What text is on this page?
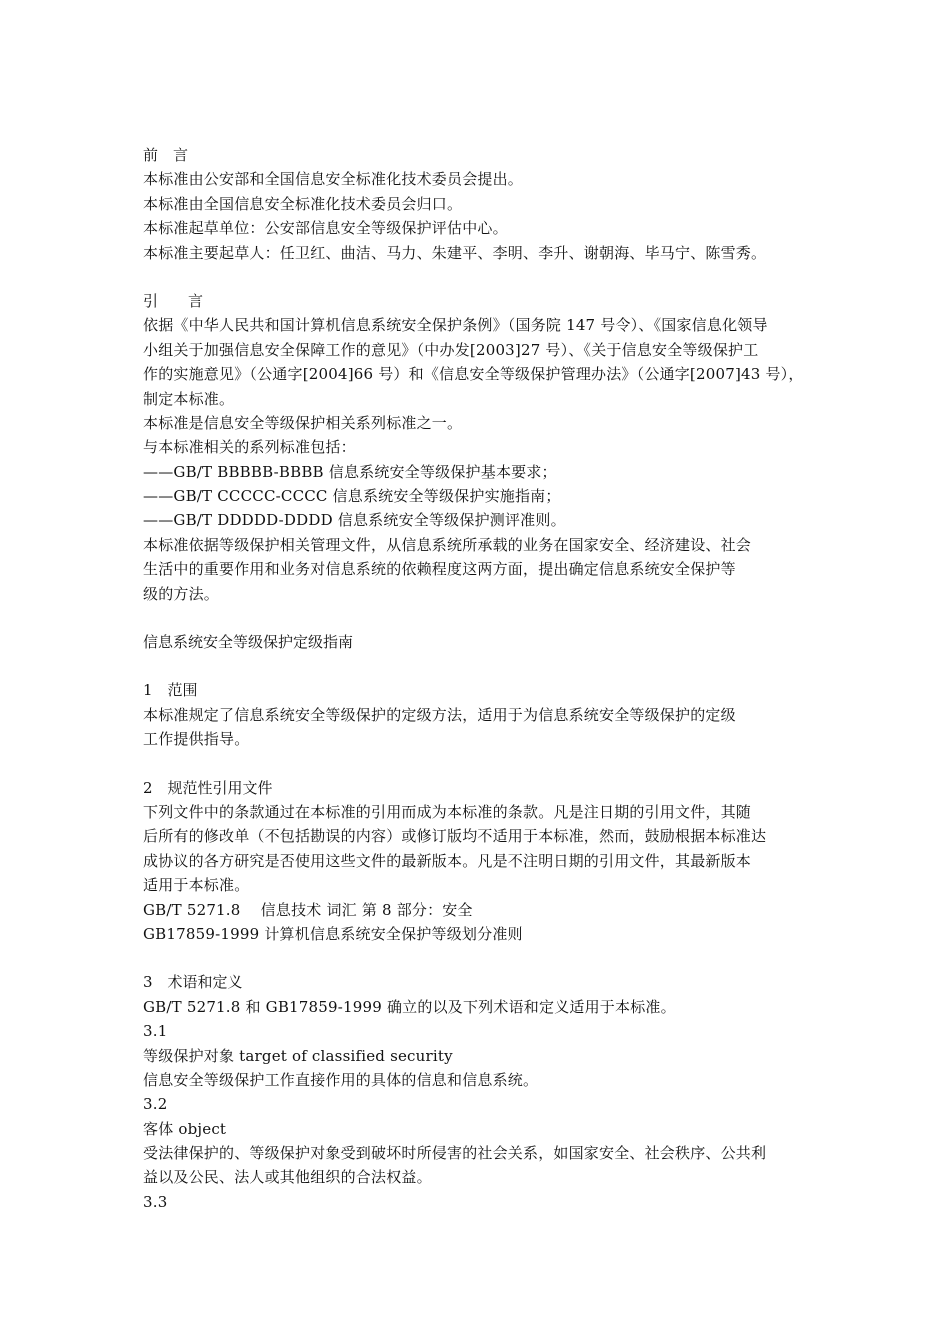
前　言
本标准由公安部和全国信息安全标准化技术委员会提出。
本标准由全国信息安全标准化技术委员会归口。
本标准起草单位：公安部信息安全等级保护评估中心。
本标准主要起草人：任卫红、曲洁、马力、朱建平、李明、李升、谢朝海、毕马宁、陈雪秀。
引　　言
依据《中华人民共和国计算机信息系统安全保护条例》（国务院 147 号令）、《国家信息化领导
小组关于加强信息安全保障工作的意见》（中办发[2003]27 号）、《关于信息安全等级保护工
作的实施意见》（公通字[2004]66 号）和《信息安全等级保护管理办法》（公通字[2007]43 号），
制定本标准。
本标准是信息安全等级保护相关系列标准之一。
与本标准相关的系列标准包括：
——GB/T BBBBB-BBBB 信息系统安全等级保护基本要求；
——GB/T CCCCC-CCCC 信息系统安全等级保护实施指南；
——GB/T DDDDD-DDDD 信息系统安全等级保护测评准则。
本标准依据等级保护相关管理文件，从信息系统所承载的业务在国家安全、经济建设、社会
生活中的重要作用和业务对信息系统的依赖程度这两方面，提出确定信息系统安全保护等
级的方法。
信息系统安全等级保护定级指南
1　范围
本标准规定了信息系统安全等级保护的定级方法，适用于为信息系统安全等级保护的定级
工作提供指导。
2　规范性引用文件
下列文件中的条款通过在本标准的引用而成为本标准的条款。凡是注日期的引用文件，其随
后所有的修改单（不包括勘误的内容）或修订版均不适用于本标准，然而，鼓励根据本标准达
成协议的各方研究是否使用这些文件的最新版本。凡是不注明日期的引用文件，其最新版本
适用于本标准。
GB/T 5271.8　 信息技术 词汇 第 8 部分：安全
GB17859-1999 计算机信息系统安全保护等级划分准则
3　术语和定义
GB/T 5271.8 和 GB17859-1999 确立的以及下列术语和定义适用于本标准。
3.1
等级保护对象 target of classified security
信息安全等级保护工作直接作用的具体的信息和信息系统。
3.2
客体 object
受法律保护的、等级保护对象受到破坏时所侵害的社会关系，如国家安全、社会秩序、公共利
益以及公民、法人或其他组织的合法权益。
3.3
